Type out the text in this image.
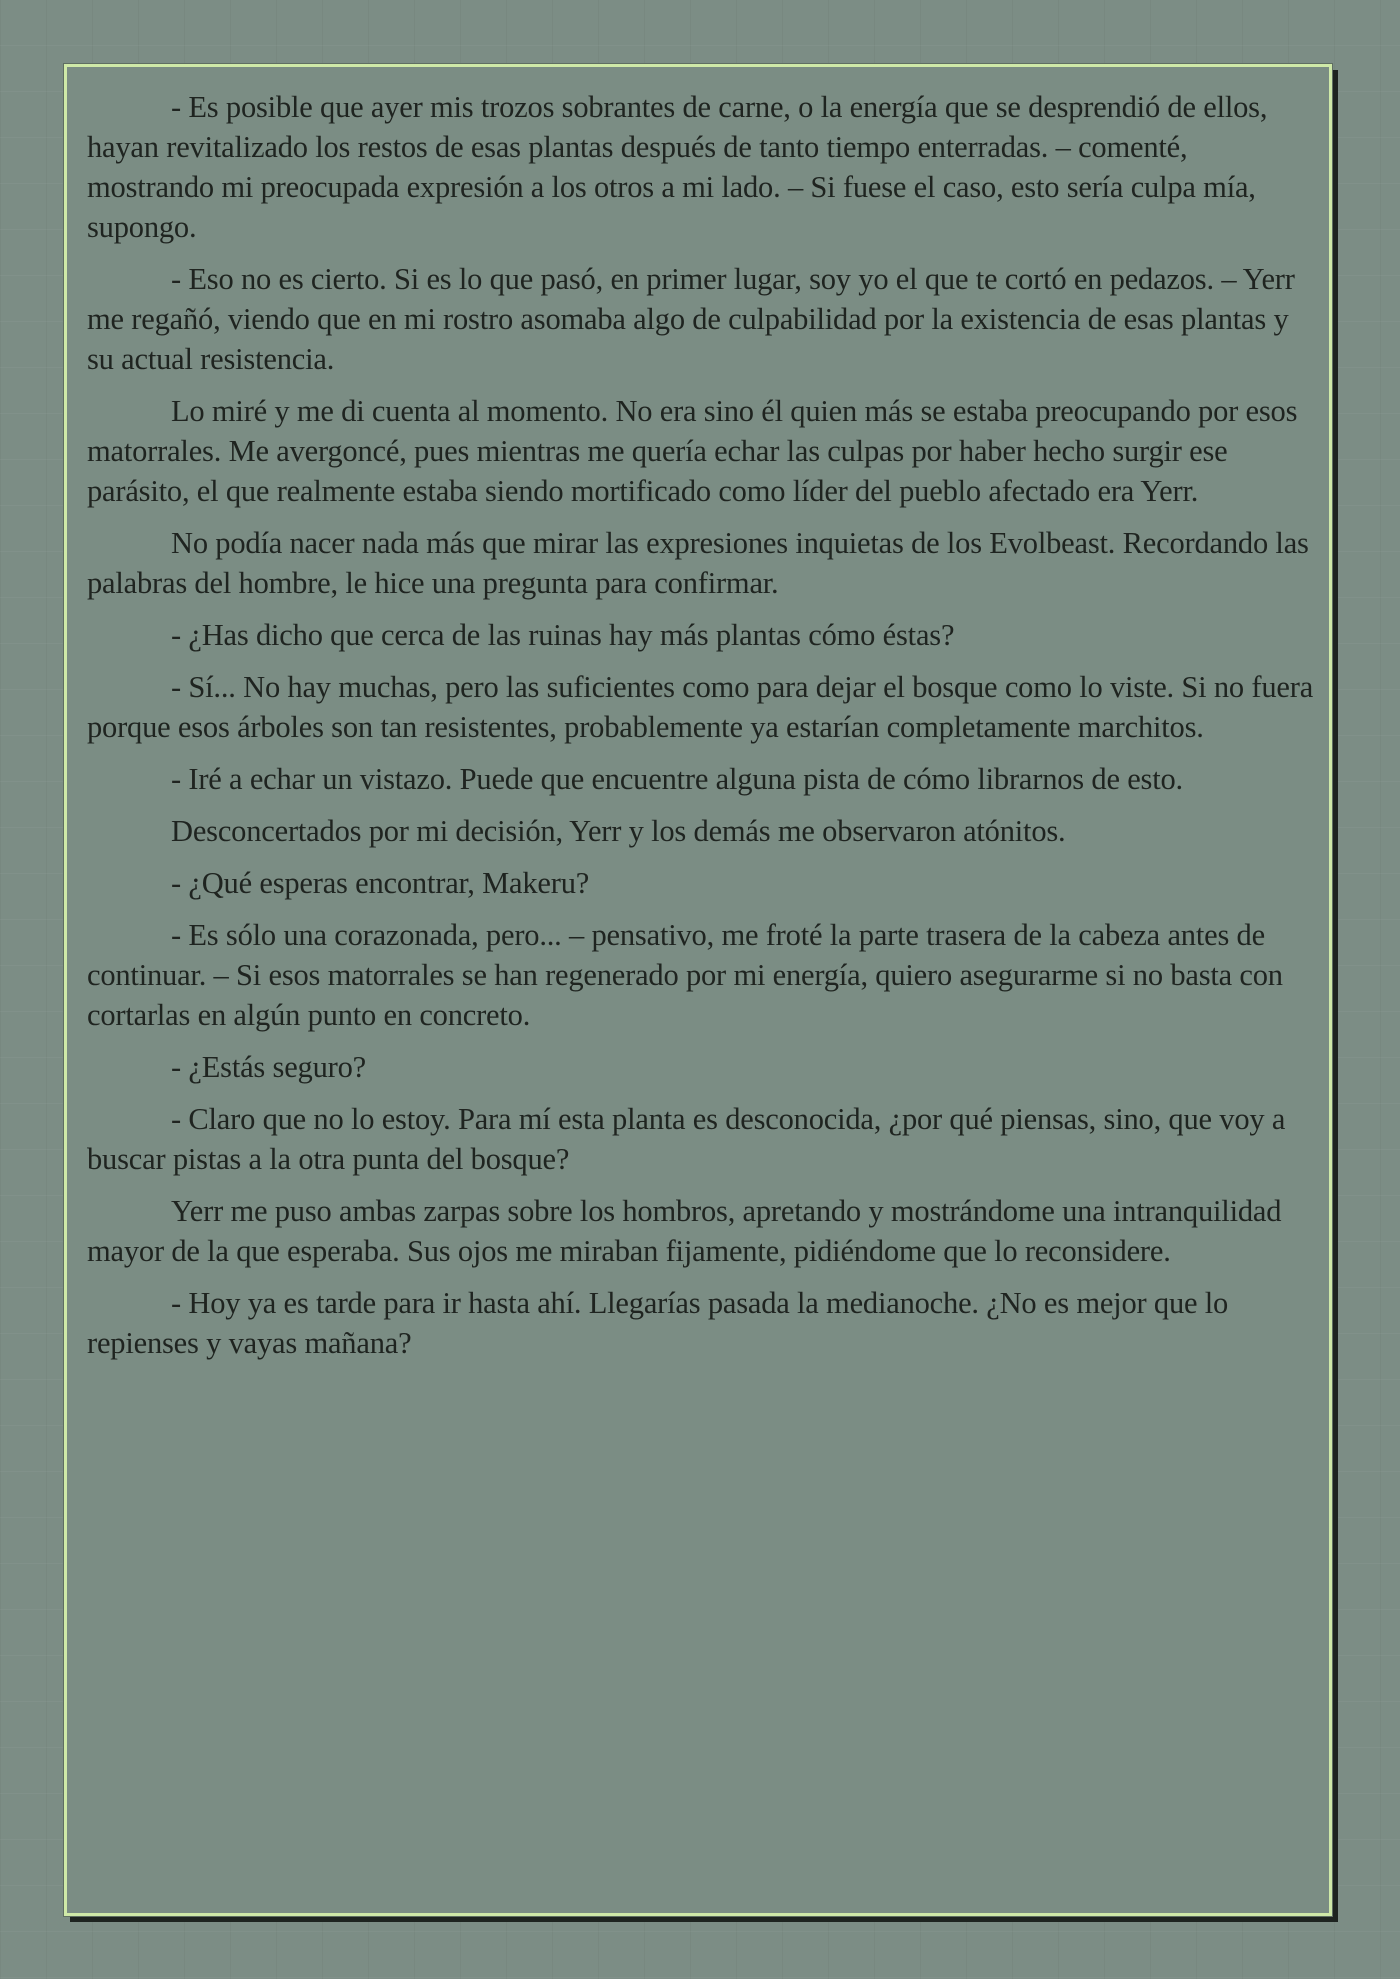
- Es posible que ayer mis trozos sobrantes de carne, o la energía que se desprendió de ellos, hayan revitalizado los restos de esas plantas después de tanto tiempo enterradas. – comenté, mostrando mi preocupada expresión a los otros a mi lado. – Si fuese el caso, esto sería culpa mía, supongo.

- Eso no es cierto. Si es lo que pasó, en primer lugar, soy yo el que te cortó en pedazos. – Yerr me regañó, viendo que en mi rostro asomaba algo de culpabilidad por la existencia de esas plantas y su actual resistencia.

Lo miré y me di cuenta al momento. No era sino él quien más se estaba preocupando por esos matorrales. Me avergoncé, pues mientras me quería echar las culpas por haber hecho surgir ese parásito, el que realmente estaba siendo mortificado como líder del pueblo afectado era Yerr.

No podía nacer nada más que mirar las expresiones inquietas de los Evolbeast. Recordando las palabras del hombre, le hice una pregunta para confirmar.

- ¿Has dicho que cerca de las ruinas hay más plantas cómo éstas?

- Sí... No hay muchas, pero las suficientes como para dejar el bosque como lo viste. Si no fuera porque esos árboles son tan resistentes, probablemente ya estarían completamente marchitos.

- Iré a echar un vistazo. Puede que encuentre alguna pista de cómo librarnos de esto.

Desconcertados por mi decisión, Yerr y los demás me observaron atónitos.

- ¿Qué esperas encontrar, Makeru?

- Es sólo una corazonada, pero... – pensativo, me froté la parte trasera de la cabeza antes de continuar. – Si esos matorrales se han regenerado por mi energía, quiero asegurarme si no basta con cortarlas en algún punto en concreto.

- ¿Estás seguro?

- Claro que no lo estoy. Para mí esta planta es desconocida, ¿por qué piensas, sino, que voy a buscar pistas a la otra punta del bosque?

Yerr me puso ambas zarpas sobre los hombros, apretando y mostrándome una intranquilidad mayor de la que esperaba. Sus ojos me miraban fijamente, pidiéndome que lo reconsidere.

- Hoy ya es tarde para ir hasta ahí. Llegarías pasada la medianoche. ¿No es mejor que lo repienses y vayas mañana?
